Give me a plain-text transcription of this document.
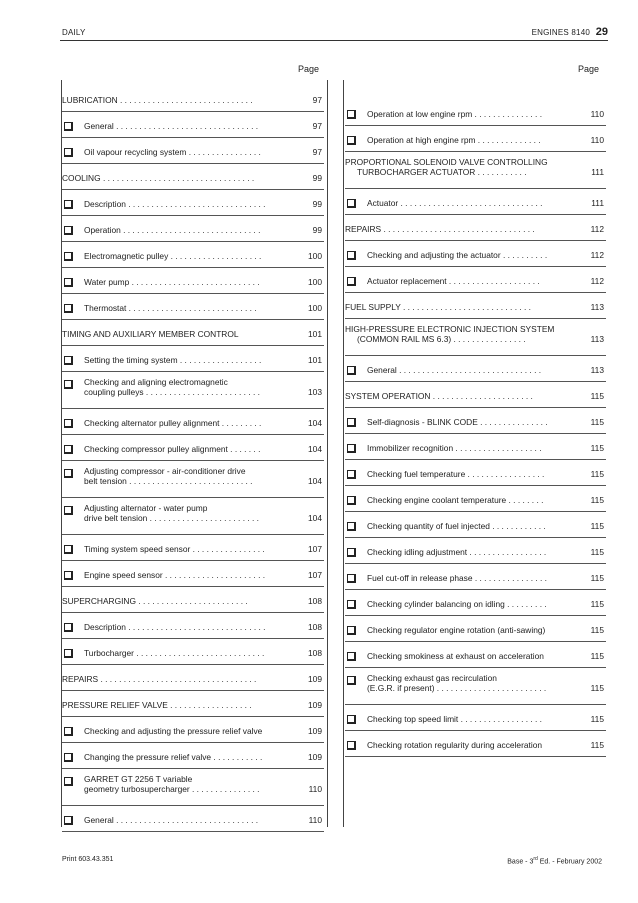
DAILY	ENGINES 8140 29
Page	Page
LUBRICATION . . . . . . . . . . . . . . . . . . . . . . . . . . . . .	97
General . . . . . . . . . . . . . . . . . . . . . . . . . . . . . . .	97
Oil vapour recycling system . . . . . . . . . . . . . . . .	97
COOLING . . . . . . . . . . . . . . . . . . . . . . . . . . . . . . . . .	99
Description . . . . . . . . . . . . . . . . . . . . . . . . . . . . . .	99
Operation . . . . . . . . . . . . . . . . . . . . . . . . . . . . . .	99
Electromagnetic pulley . . . . . . . . . . . . . . . . . . . .	100
Water pump . . . . . . . . . . . . . . . . . . . . . . . . . . . .	100
Thermostat . . . . . . . . . . . . . . . . . . . . . . . . . . . .	100
TIMING AND AUXILIARY MEMBER CONTROL	101
Setting the timing system . . . . . . . . . . . . . . . . . .	101
Checking and aligning electromagnetic
coupling pulleys . . . . . . . . . . . . . . . . . . . . . . . . .	103
Checking alternator pulley alignment . . . . . . . . .	104
Checking compressor pulley alignment . . . . . . .	104
Adjusting compressor - air-conditioner drive
belt tension . . . . . . . . . . . . . . . . . . . . . . . . . . .	104
Adjusting alternator - water pump
drive belt tension . . . . . . . . . . . . . . . . . . . . . . . .	104
Timing system speed sensor . . . . . . . . . . . . . . . .	107
Engine speed sensor . . . . . . . . . . . . . . . . . . . . . .	107
SUPERCHARGING . . . . . . . . . . . . . . . . . . . . . . . .	108
Description . . . . . . . . . . . . . . . . . . . . . . . . . . . . . .	108
Turbocharger . . . . . . . . . . . . . . . . . . . . . . . . . . . .	108
REPAIRS . . . . . . . . . . . . . . . . . . . . . . . . . . . . . . . . . .	109
PRESSURE RELIEF VALVE . . . . . . . . . . . . . . . . . .	109
Checking and adjusting the pressure relief valve	109
Changing the pressure relief valve . . . . . . . . . . .	109
GARRET GT 2256 T variable
geometry turbosupercharger . . . . . . . . . . . . . . .	110
General . . . . . . . . . . . . . . . . . . . . . . . . . . . . . . .	110
Operation at low engine rpm . . . . . . . . . . . . . . .	110
Operation at high engine rpm . . . . . . . . . . . . . .	110
PROPORTIONAL SOLENOID VALVE CONTROLLING
TURBOCHARGER ACTUATOR . . . . . . . . . . .	111
Actuator . . . . . . . . . . . . . . . . . . . . . . . . . . . . . . .	111
REPAIRS . . . . . . . . . . . . . . . . . . . . . . . . . . . . . . . . .	112
Checking and adjusting the actuator . . . . . . . . . .	112
Actuator replacement . . . . . . . . . . . . . . . . . . . .	112
FUEL SUPPLY . . . . . . . . . . . . . . . . . . . . . . . . . . . .	113
HIGH-PRESSURE ELECTRONIC INJECTION SYSTEM
(COMMON RAIL MS 6.3) . . . . . . . . . . . . . . . .	113
General . . . . . . . . . . . . . . . . . . . . . . . . . . . . . . .	113
SYSTEM OPERATION . . . . . . . . . . . . . . . . . . . . . .	115
Self-diagnosis - BLINK CODE . . . . . . . . . . . . . . .	115
Immobilizer recognition . . . . . . . . . . . . . . . . . . .	115
Checking fuel temperature . . . . . . . . . . . . . . . . .	115
Checking engine coolant temperature . . . . . . . .	115
Checking quantity of fuel injected . . . . . . . . . . . .	115
Checking idling adjustment . . . . . . . . . . . . . . . . .	115
Fuel cut-off in release phase . . . . . . . . . . . . . . . .	115
Checking cylinder balancing on idling . . . . . . . . .	115
Checking regulator engine rotation (anti-sawing)	115
Checking smokiness at exhaust on acceleration	115
Checking exhaust gas recirculation
(E.G.R. if present) . . . . . . . . . . . . . . . . . . . . . . . .	115
Checking top speed limit . . . . . . . . . . . . . . . . . .	115
Checking rotation regularity during acceleration	115
Print 603.43.351	Base - 3rd Ed. - February 2002
